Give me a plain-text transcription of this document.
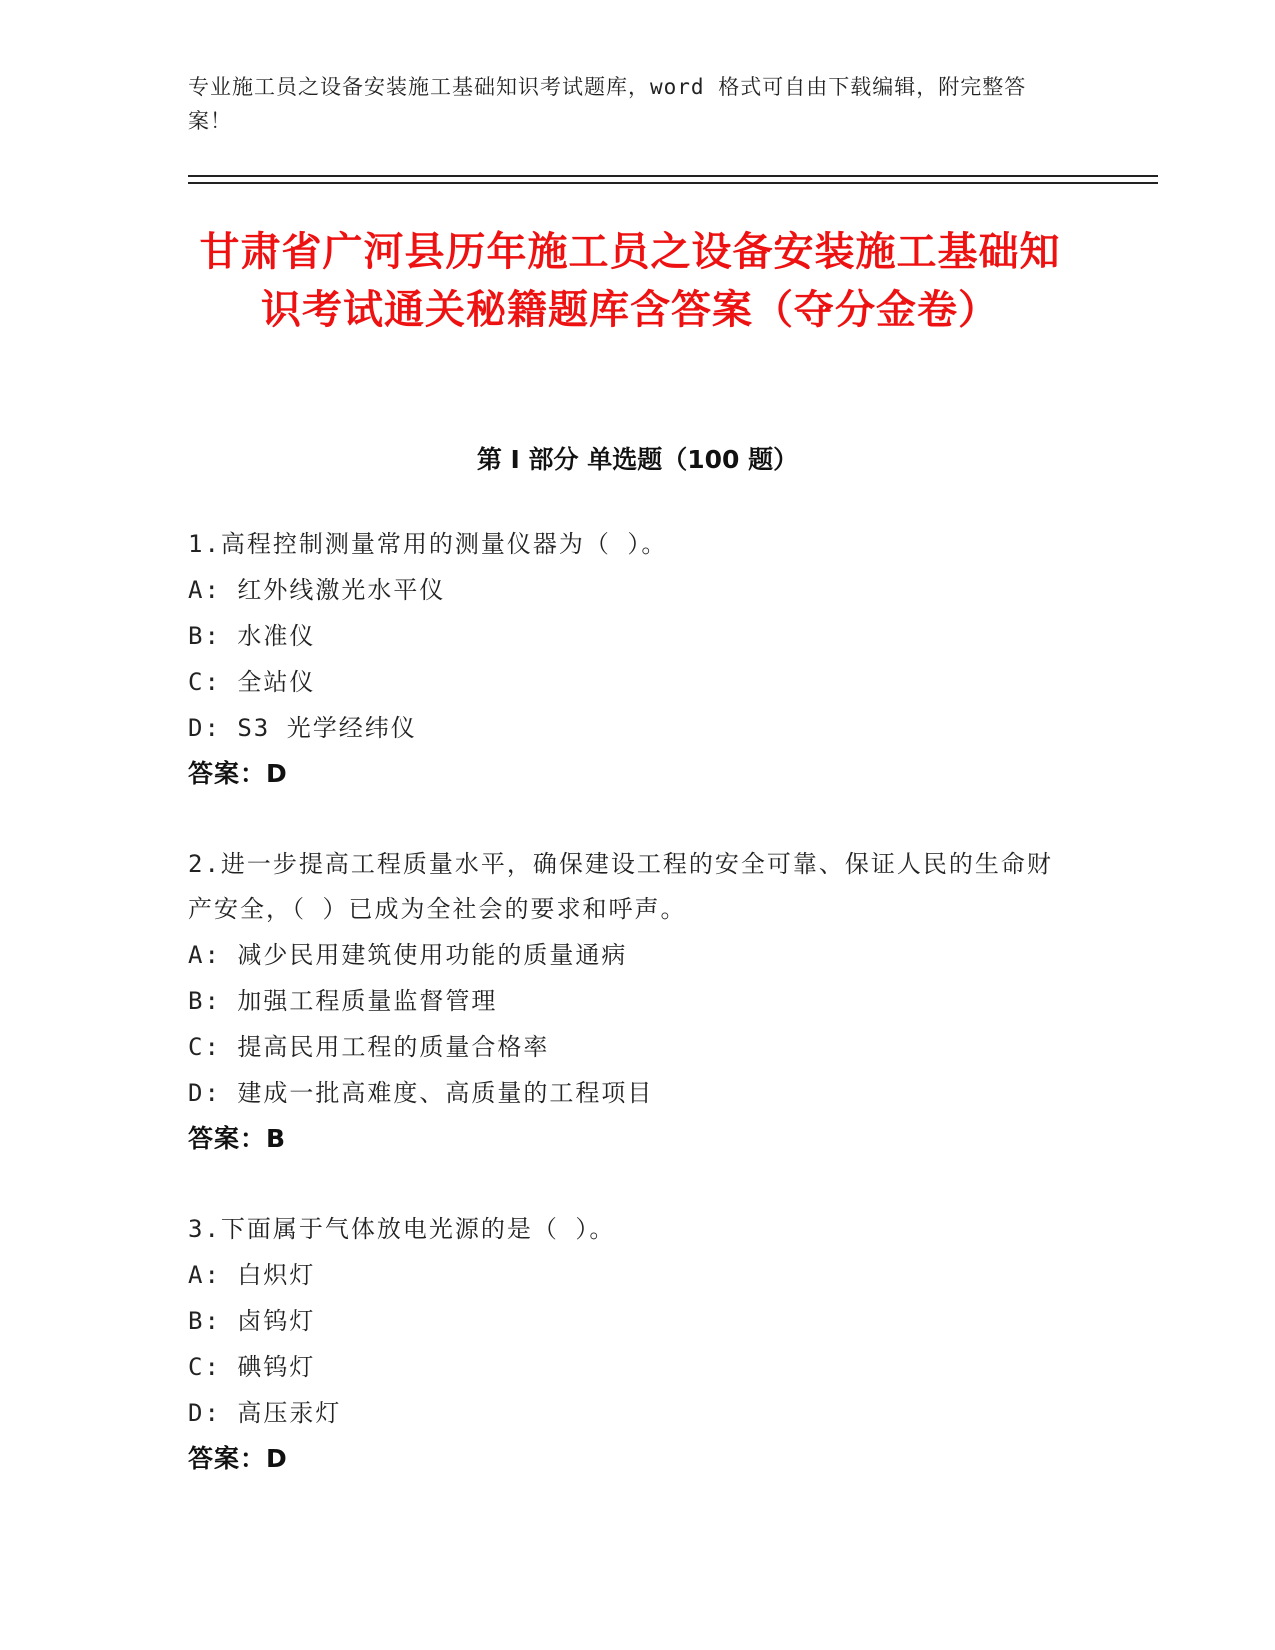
专业施工员之设备安装施工基础知识考试题库，word 格式可自由下载编辑，附完整答案！
甘肃省广河县历年施工员之设备安装施工基础知识考试通关秘籍题库含答案（夺分金卷）
第 I 部分 单选题（100 题）
1.高程控制测量常用的测量仪器为（ ）。
A: 红外线激光水平仪
B: 水准仪
C: 全站仪
D: S3 光学经纬仪
答案：D
2.进一步提高工程质量水平，确保建设工程的安全可靠、保证人民的生命财产安全，（ ）已成为全社会的要求和呼声。
A: 减少民用建筑使用功能的质量通病
B: 加强工程质量监督管理
C: 提高民用工程的质量合格率
D: 建成一批高难度、高质量的工程项目
答案：B
3.下面属于气体放电光源的是（ ）。
A: 白炽灯
B: 卤钨灯
C: 碘钨灯
D: 高压汞灯
答案：D
